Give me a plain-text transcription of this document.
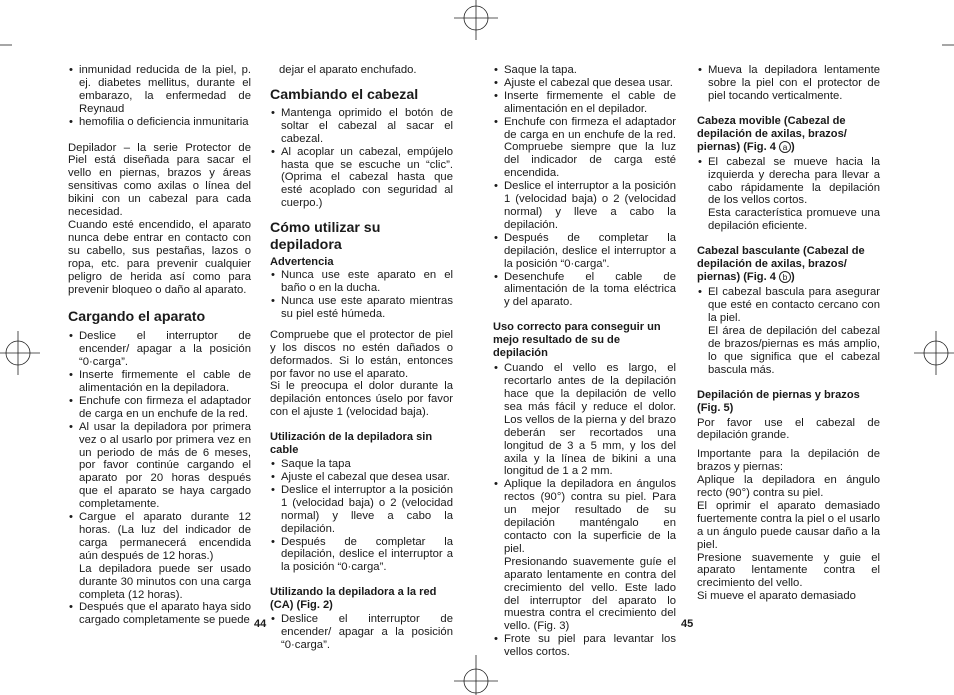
• inmunidad reducida de la piel, p. ej. diabetes mellitus, durante el embarazo, la enfermedad de Reynaud
• hemofilia o deficiencia inmunitaria

Depilador – la serie Protector de Piel está diseñada para sacar el vello en piernas, brazos y áreas sensitivas como axilas o línea del bikini con un cabezal para cada necesidad.

Cuando esté encendido, el aparato nunca debe entrar en contacto con su cabello, sus pestañas, lazos o ropa, etc. para prevenir cualquier peligro de herida así como para prevenir bloqueo o daño al aparato.

Cargando el aparato
• Deslice el interruptor de encender/ apagar a la posición “0·carga”.
• Inserte firmemente el cable de alimentación en la depiladora.
• Enchufe con firmeza el adaptador de carga en un enchufe de la red.
• Al usar la depiladora por primera vez o al usarlo por primera vez en un periodo de más de 6 meses, por favor continúe cargando el aparato por 20 horas después que el aparato se haya cargado completamente.
• Cargue el aparato durante 12 horas. (La luz del indicador de carga permanecerá encendida aún después de 12 horas.)
La depiladora puede ser usado durante 30 minutos con una carga completa (12 horas).
• Después que el aparato haya sido cargado completamente se puede

dejar el aparato enchufado.

Cambiando el cabezal
• Mantenga oprimido el botón de soltar el cabezal al sacar el cabezal.
• Al acoplar un cabezal, empújelo hasta que se escuche un “clic”. (Oprima el cabezal hasta que esté acoplado con seguridad al cuerpo.)
Cómo utilizar su depiladora
Advertencia
• Nunca use este aparato en el baño o en la ducha.
• Nunca use este aparato mientras su piel esté húmeda.

Compruebe que el protector de piel y los discos no estén dañados o deformados. Si lo están, entonces por favor no use el aparato.

Si le preocupa el dolor durante la depilación entonces úselo por favor con el ajuste 1 (velocidad baja).

Utilización de la depiladora sin cable
• Saque la tapa
• Ajuste el cabezal que desea usar.
• Deslice el interruptor a la posición 1 (velocidad baja) o 2 (velocidad normal) y lleve a cabo la depilación.
• Después de completar la depilación, deslice el interruptor a la posición “0·carga”.
Utilizando la depiladora a la red (CA) (Fig. 2)
• Deslice el interruptor de encender/ apagar a la posición “0·carga”.
• Saque la tapa.
• Ajuste el cabezal que desea usar.
• Inserte firmemente el cable de alimentación en el depilador.
• Enchufe con firmeza el adaptador de carga en un enchufe de la red. Compruebe siempre que la luz del indicador de carga esté encendida.
• Deslice el interruptor a la posición 1 (velocidad baja) o 2 (velocidad normal) y lleve a cabo la depilación.
• Después de completar la depilación, deslice el interruptor a la posición “0·carga”.
• Desenchufe el cable de alimentación de la toma eléctrica y del aparato.
Uso correcto para conseguir un mejo resultado de su de depilación
• Cuando el vello es largo, el recortarlo antes de la depilación hace que la depilación de vello sea más fácil y reduce el dolor. Los vellos de la pierna y del brazo deberán ser recortados una longitud de 3 a 5 mm, y los del axila y la línea de bikini a una longitud de 1 a 2 mm.
• Aplique la depiladora en ángulos rectos (90°) contra su piel. Para un mejor resultado de su depilación manténgalo en contacto con la superficie de la piel.
Presionando suavemente guíe el aparato lentamente en contra del crecimiento del vello. Este lado del interruptor del aparato lo muestra contra el crecimiento del vello. (Fig. 3)
• Frote su piel para levantar los vellos cortos.
• Mueva la depiladora lentamente sobre la piel con el protector de piel tocando verticalmente.
Cabeza movible (Cabezal de depilación de axilas, brazos/ piernas) (Fig. 4 a )
• El cabezal se mueve hacia la izquierda y derecha para llevar a cabo rápidamente la depilación de los vellos cortos.
Esta característica promueve una depilación eficiente.
Cabezal basculante (Cabezal de depilación de axilas, brazos/ piernas) (Fig. 4 b )
• El cabezal bascula para asegurar que esté en contacto cercano con la piel.
El área de depilación del cabezal de brazos/piernas es más amplio, lo que significa que el cabezal bascula más.
Depilación de piernas y brazos (Fig. 5)

Por favor use el cabezal de depilación grande.

Importante para la depilación de brazos y piernas:

Aplique la depiladora en ángulo recto (90°) contra su piel.

El oprimir el aparato demasiado fuertemente contra la piel o el usarlo a un ángulo puede causar daño a la piel.

Presione suavemente y guie el aparato lentamente contra el crecimiento del vello.

Si mueve el aparato demasiado

44	45
